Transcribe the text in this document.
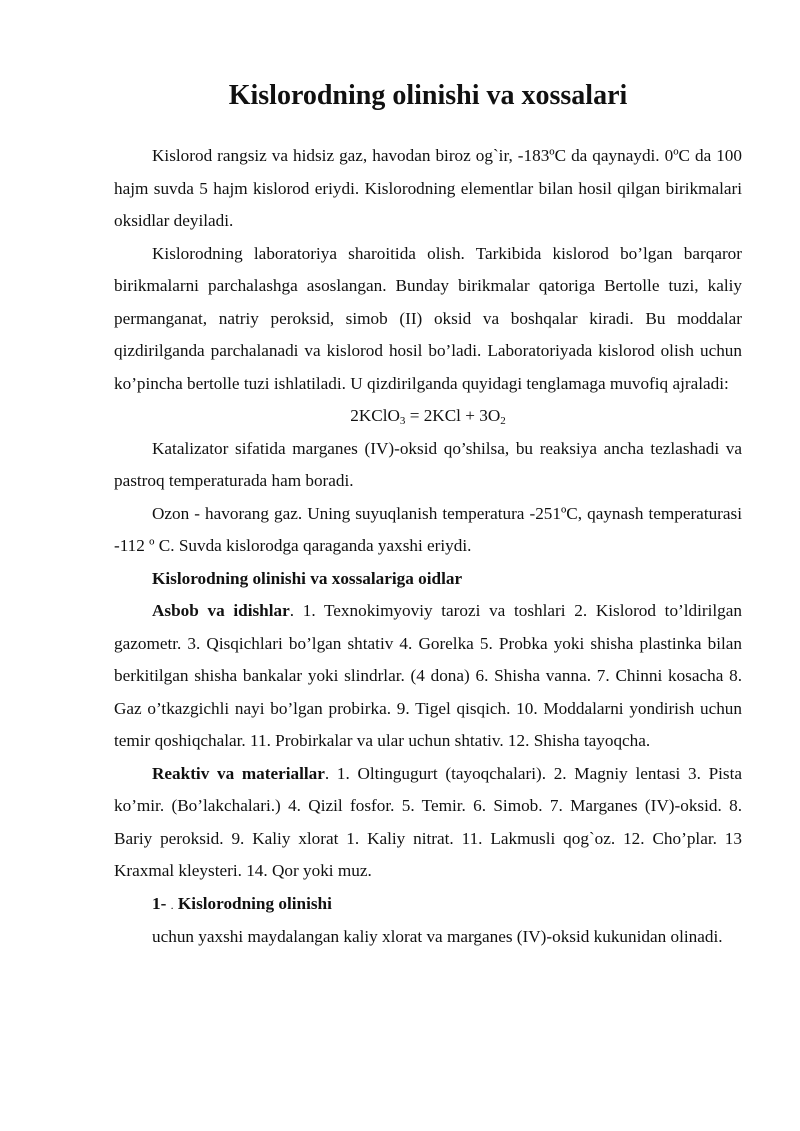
Kislorodning olinishi va xossalari

Kislorod rangsiz va hidsiz gaz, havodan biroz og`ir, -183ºC da qaynaydi. 0ºC da 100 hajm suvda 5 hajm kislorod eriydi. Kislorodning elementlar bilan hosil qilgan birikmalari oksidlar deyiladi.

Kislorodning laboratoriya sharoitida olish. Tarkibida kislorod bo’lgan barqaror birikmalarni parchalashga asoslangan. Bunday birikmalar qatoriga Bertolle tuzi, kaliy permanganat, natriy peroksid, simob (II) oksid va boshqalar kiradi. Bu moddalar qizdirilganda parchalanadi va kislorod hosil bo’ladi. Laboratoriyada kislorod olish uchun ko’pincha bertolle tuzi ishlatiladi. U qizdirilganda quyidagi tenglamaga muvofiq ajraladi:

2KClO$_3$ = $2KCl + 3O_2$

Katalizator sifatida marganes (IV)-oksid qo’shilsa, bu reaksiya ancha tezlashadi va pastroq temperaturada ham boradi.

Ozon - havorang gaz. Uning suyuqlanish temperatura -251ºC, qaynash temperaturasi -112 º C. Suvda kislorodga qaraganda yaxshi eriydi.

Kislorodning olinishi va xossalariga oidlar

Asbob va idishlar. 1. Texnokimyoviy tarozi va toshlari 2. Kislorod to’ldirilgan gazometr. 3. Qisqichlari bo’lgan shtativ 4. Gorelka 5. Probka yoki shisha plastinka bilan berkitilgan shisha bankalar yoki slindrlar. (4 dona) 6. Shisha vanna. 7. Chinni kosacha 8. Gaz o’tkazgichli nayi bo’lgan probirka. 9. Tigel qisqich. 10. Moddalarni yondirish uchun temir qoshiqchalar. 11. Probirkalar va ular uchun shtativ. 12. Shisha tayoqcha.

Reaktiv va materiallar. 1. Oltingugurt (tayoqchalari). 2. Magniy lentasi 3. Pista ko’mir. (Bo’lakchalari.) 4. Qizil fosfor. 5. Temir. 6. Simob. 7. Marganes (IV)-oksid. 8. Bariy peroksid. 9. Kaliy xlorat 1. Kaliy nitrat. 11. Lakmusli qog`oz. 12. Cho’plar. 13 Kraxmal kleysteri. 14. Qor yoki muz.

1- . Kislorodning olinishi

uchun yaxshi maydalangan kaliy xlorat va marganes (IV)-oksid kukunidan olinadi.
